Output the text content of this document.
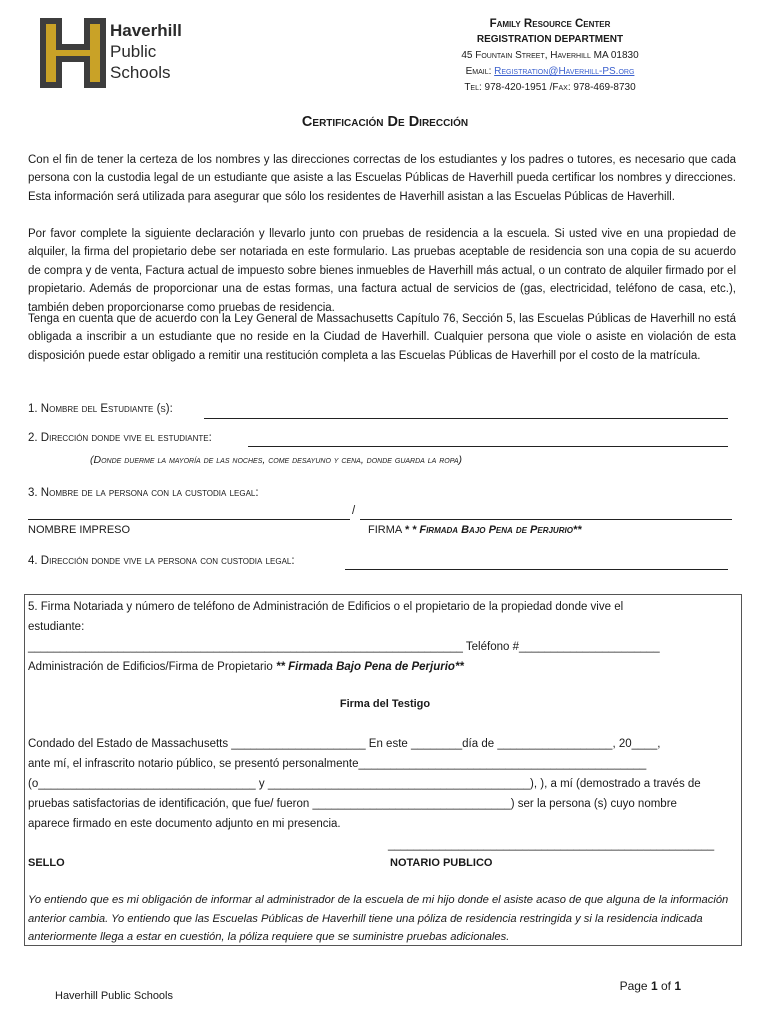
Haverhill
Public
Schools
Family Resource Center
REGISTRATION DEPARTMENT
45 Fountain Street, Haverhill MA 01830
Email: Registration@Haverhill-PS.org
Tel: 978-420-1951 /Fax: 978-469-8730
Certificación De Dirección
Con el fin de tener la certeza de los nombres y las direcciones correctas de los estudiantes y los padres o tutores, es necesario que cada persona con la custodia legal de un estudiante que asiste a las Escuelas Públicas de Haverhill pueda certificar los nombres y direcciones. Esta información será utilizada para asegurar que sólo los residentes de Haverhill asistan a las Escuelas Públicas de Haverhill.
Por favor complete la siguiente declaración y llevarlo junto con pruebas de residencia a la escuela. Si usted vive en una propiedad de alquiler, la firma del propietario debe ser notariada en este formulario. Las pruebas aceptable de residencia son una copia de su acuerdo de compra y de venta, Factura actual de impuesto sobre bienes inmuebles de Haverhill más actual, o un contrato de alquiler firmado por el propietario. Además de proporcionar una de estas formas, una factura actual de servicios de (gas, electricidad, teléfono de casa, etc.), también deben proporcionarse como pruebas de residencia.
Tenga en cuenta que de acuerdo con la Ley General de Massachusetts Capítulo 76, Sección 5, las Escuelas Públicas de Haverhill no está obligada a inscribir a un estudiante que no reside en la Ciudad de Haverhill. Cualquier persona que viole o asiste en violación de esta disposición puede estar obligado a remitir una restitución completa a las Escuelas Públicas de Haverhill por el costo de la matrícula.
1. Nombre del Estudiante (s):
2. Dirección donde vive el estudiante:
(Donde duerme la mayoría de las noches, come desayuno y cena, donde guarda la ropa)
3. Nombre de la persona con la custodia legal:
/
NOMBRE IMPRESO	FIRMA * * Firmada Bajo Pena de Perjurio**
4. Dirección donde vive la persona con custodia legal:
5. Firma Notariada y número de teléfono de Administración de Edificios o el propietario de la propiedad donde vive el
estudiante:
____________________________________________________________________ Teléfono #______________________
Administración de Edificios/Firma de Propietario ** Firmada Bajo Pena de Perjurio**
Firma del Testigo
Condado del Estado de Massachusetts _____________________ En este ________día de __________________, 20____,
ante mí, el infrascrito notario público, se presentó personalmente_____________________________________________
(o__________________________________ y _________________________________________), ), a mí (demostrado a través de
pruebas satisfactorias de identificación, que fue/ fueron _______________________________) ser la persona (s) cuyo nombre
aparece firmado en este documento adjunto en mi presencia.
___________________________________________________
SELLO	NOTARIO PUBLICO
Yo entiendo que es mi obligación de informar al administrador de la escuela de mi hijo donde el asiste acaso de que alguna de la información anterior cambia. Yo entiendo que las Escuelas Públicas de Haverhill tiene una póliza de residencia restringida y si la residencia indicada anteriormente llega a estar en cuestión, la póliza requiere que se suministre pruebas adicionales.
Haverhill Public Schools
Page 1 of 1
